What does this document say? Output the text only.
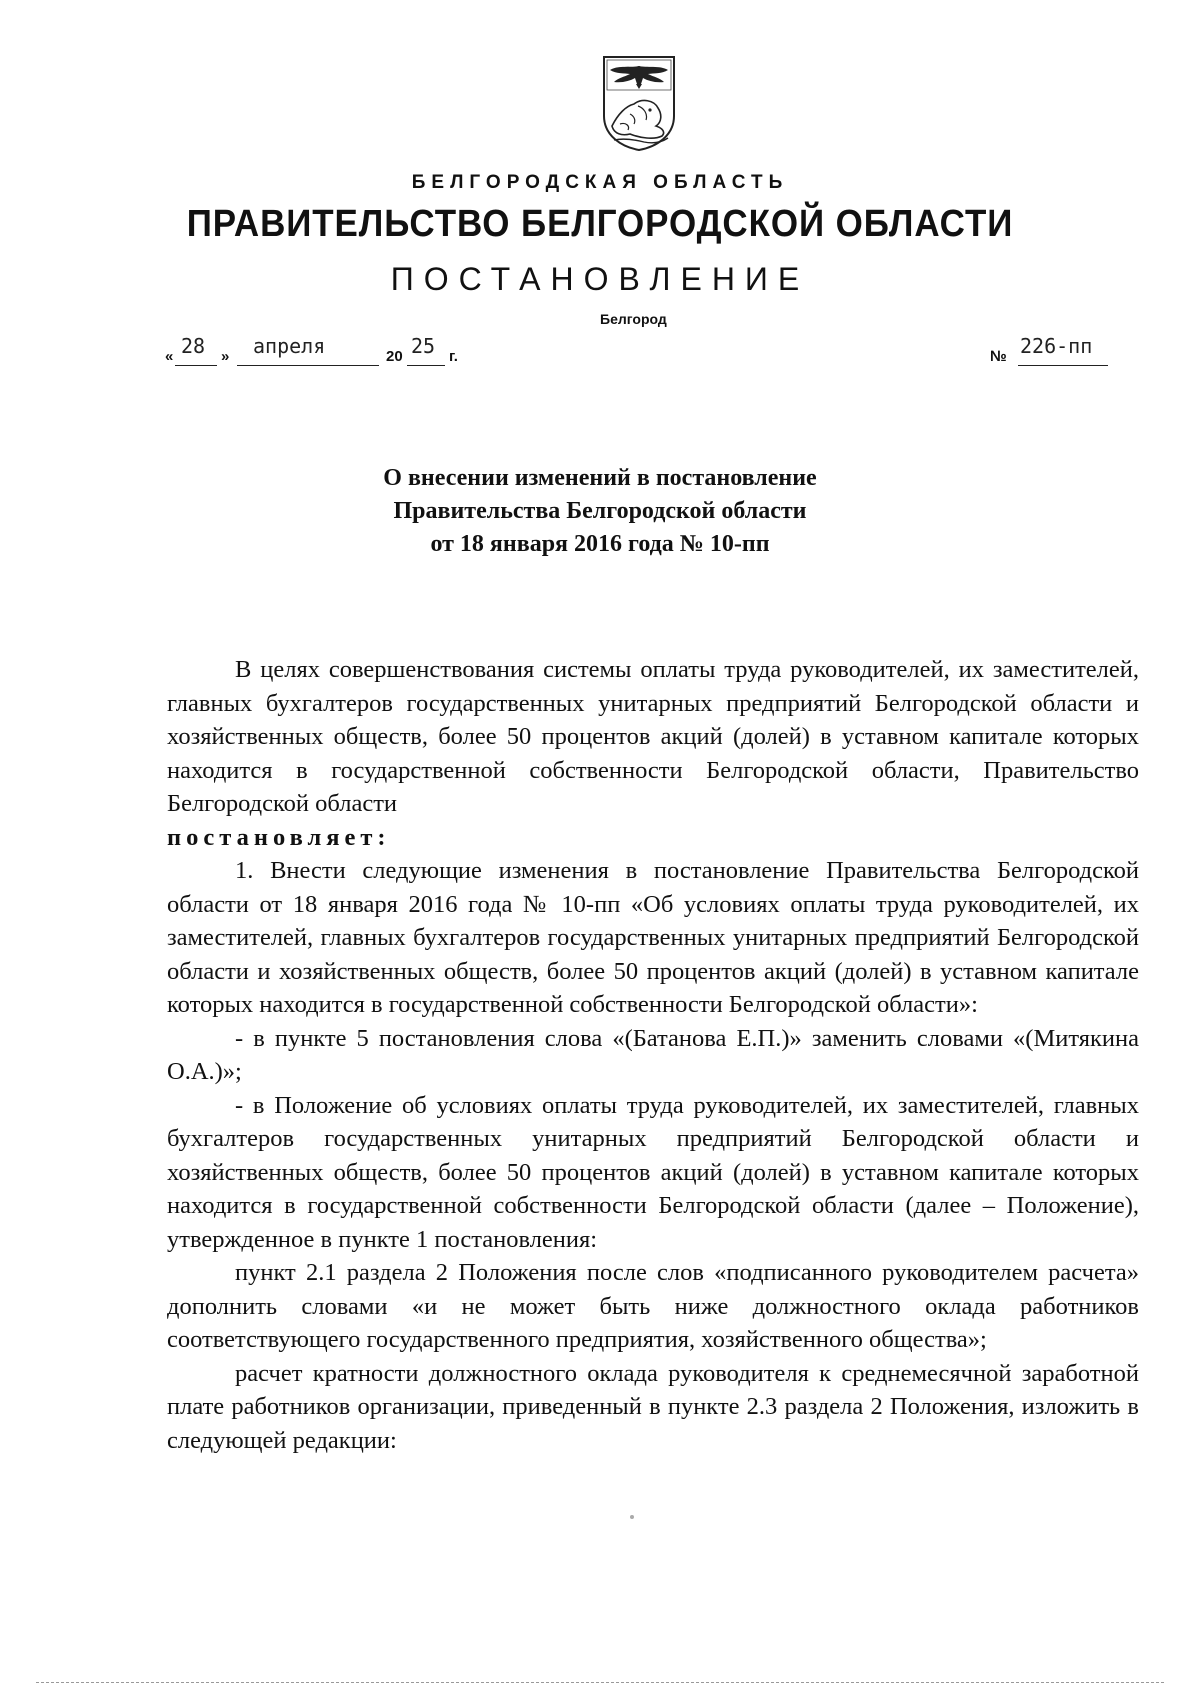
БЕЛГОРОДСКАЯ ОБЛАСТЬ
ПРАВИТЕЛЬСТВО БЕЛГОРОДСКОЙ ОБЛАСТИ
ПОСТАНОВЛЕНИЕ
Белгород
« 28 » апреля	20 25 г.	№ 226-пп
О внесении изменений в постановление
Правительства Белгородской области
от 18 января 2016 года № 10-пп

В целях совершенствования системы оплаты труда руководителей, их заместителей, главных бухгалтеров государственных унитарных предприятий Белгородской области и хозяйственных обществ, более 50 процентов акций (долей) в уставном капитале которых находится в государственной собственности Белгородской области, Правительство Белгородской области

постановляет:

1. Внести следующие изменения в постановление Правительства Белгородской области от 18 января 2016 года № 10-пп «Об условиях оплаты труда руководителей, их заместителей, главных бухгалтеров государственных унитарных предприятий Белгородской области и хозяйственных обществ, более 50 процентов акций (долей) в уставном капитале которых находится в государственной собственности Белгородской области»:

- в пункте 5 постановления слова «(Батанова Е.П.)» заменить словами «(Митякина О.А.)»;

- в Положение об условиях оплаты труда руководителей, их заместителей, главных бухгалтеров государственных унитарных предприятий Белгородской области и хозяйственных обществ, более 50 процентов акций (долей) в уставном капитале которых находится в государственной собственности Белгородской области (далее – Положение), утвержденное в пункте 1 постановления:

пункт 2.1 раздела 2 Положения после слов «подписанного руководителем расчета» дополнить словами «и не может быть ниже должностного оклада работников соответствующего государственного предприятия, хозяйственного общества»;

расчет кратности должностного оклада руководителя к среднемесячной заработной плате работников организации, приведенный в пункте 2.3 раздела 2 Положения, изложить в следующей редакции:
